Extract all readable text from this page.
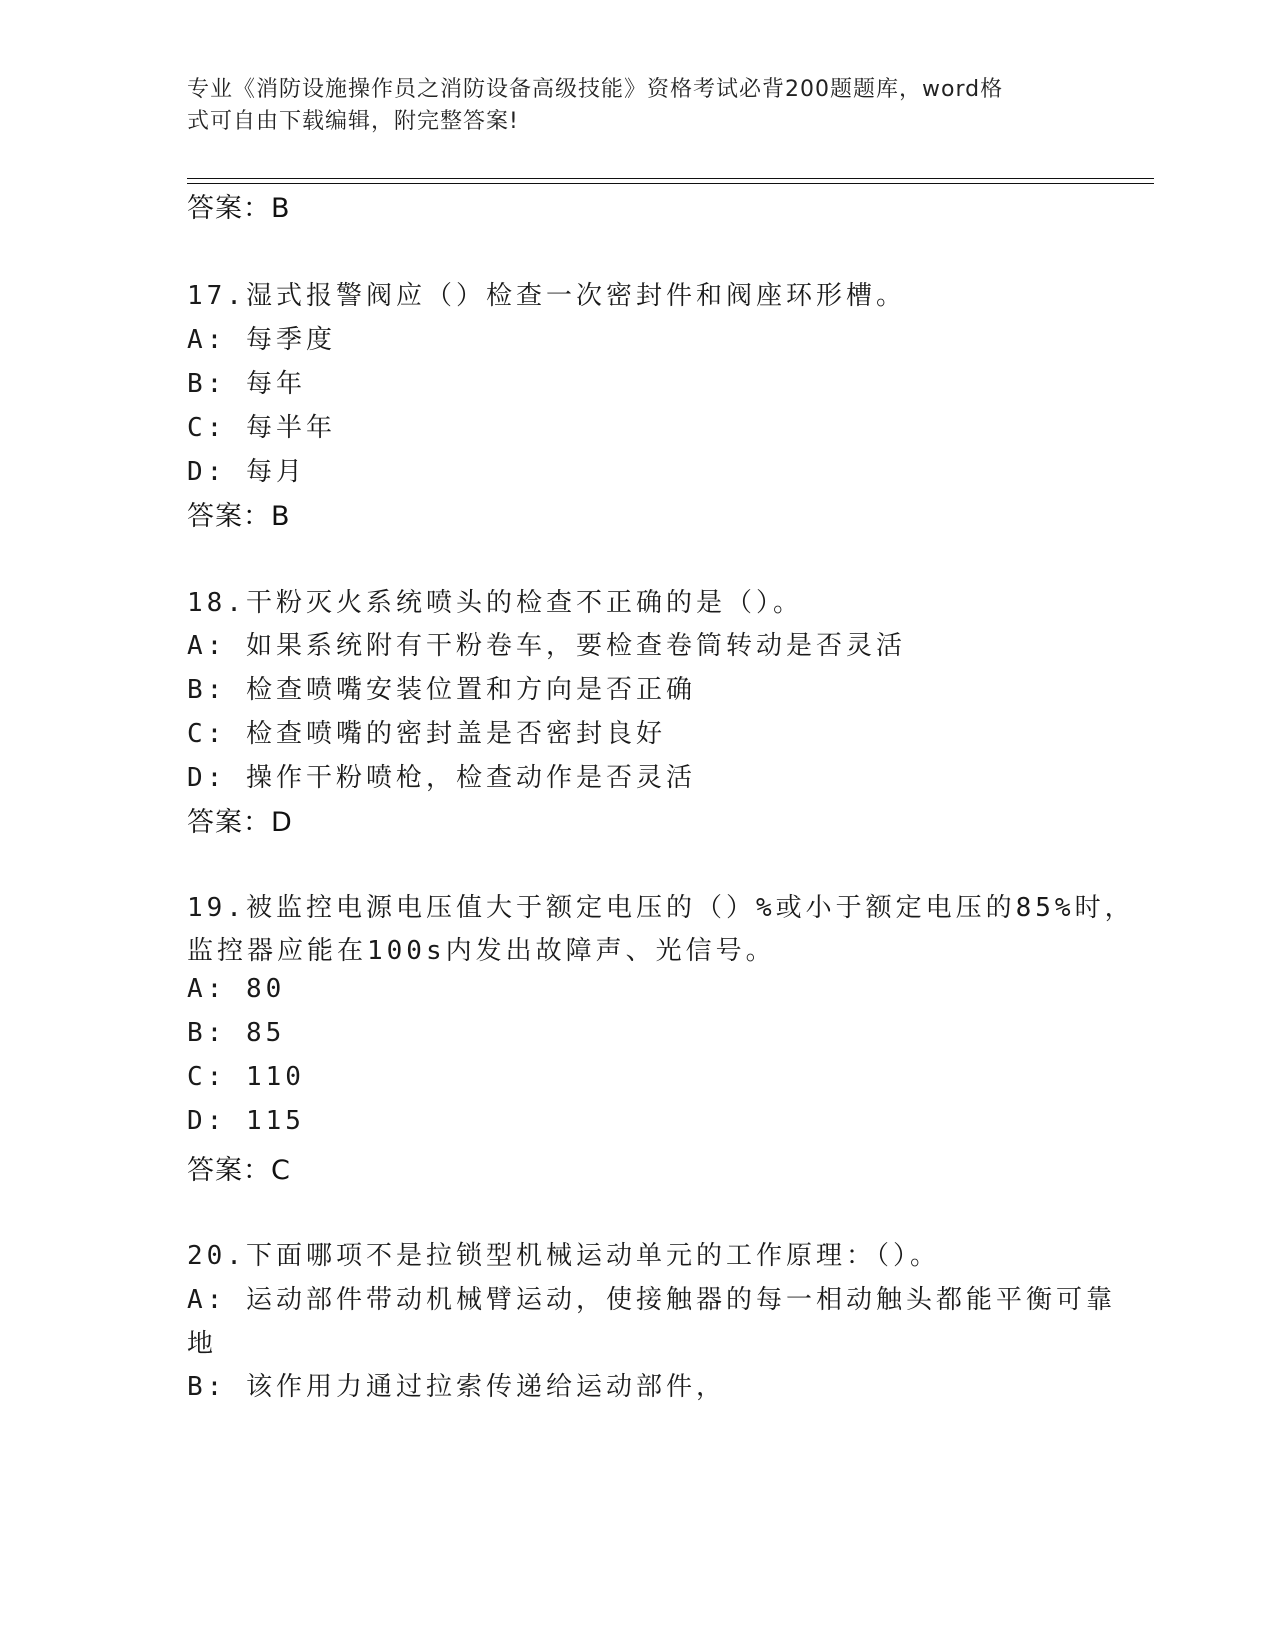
专业《消防设施操作员之消防设备高级技能》资格考试必背200题题库，word格
式可自由下载编辑，附完整答案!
答案：B
17.湿式报警阀应（）检查一次密封件和阀座环形槽。
A: 每季度
B: 每年
C: 每半年
D: 每月
答案：B
18.干粉灭火系统喷头的检查不正确的是（）。
A: 如果系统附有干粉卷车，要检查卷筒转动是否灵活
B: 检查喷嘴安装位置和方向是否正确
C: 检查喷嘴的密封盖是否密封良好
D: 操作干粉喷枪，检查动作是否灵活
答案：D
19.被监控电源电压值大于额定电压的（）%或小于额定电压的85%时，
监控器应能在100s内发出故障声、光信号。
A: 80
B: 85
C: 110
D: 115
答案：C
20.下面哪项不是拉锁型机械运动单元的工作原理：（）。
A: 运动部件带动机械臂运动，使接触器的每一相动触头都能平衡可靠
地
B: 该作用力通过拉索传递给运动部件，
